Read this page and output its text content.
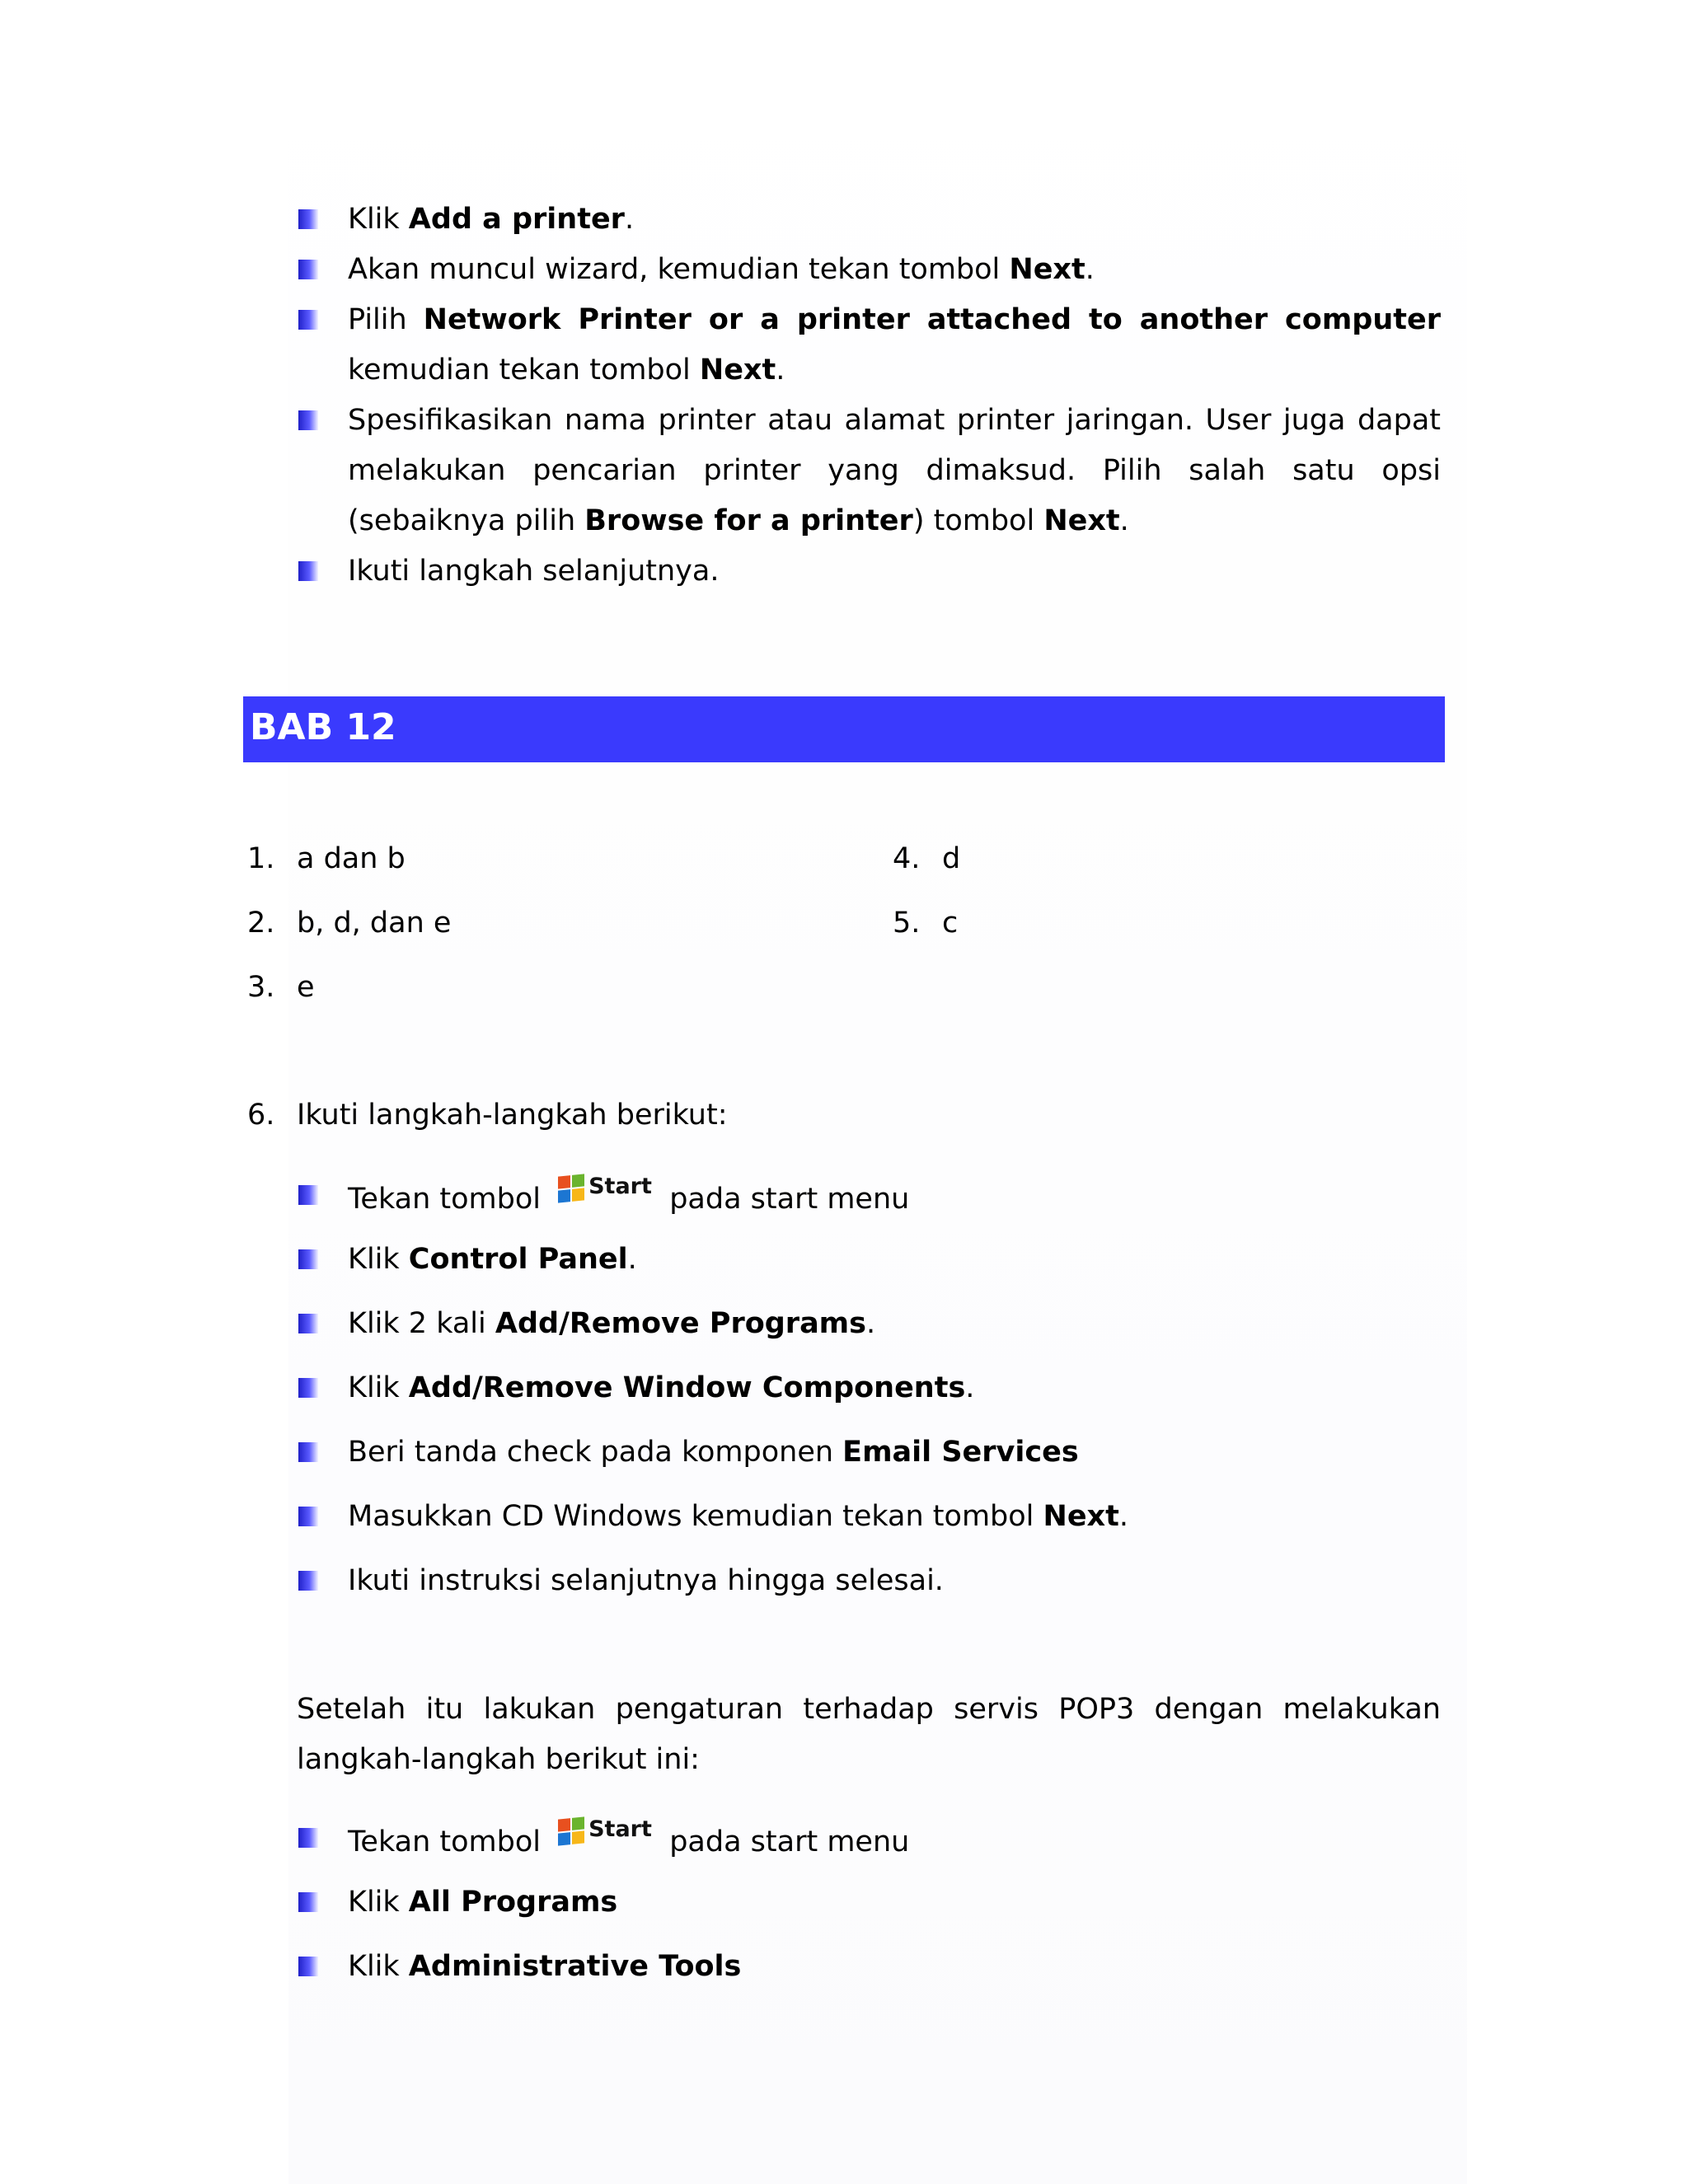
Klik Add a printer.
Akan muncul wizard, kemudian tekan tombol Next.
Pilih Network Printer or a printer attached to another computer kemudian tekan tombol Next.
Spesifikasikan nama printer atau alamat printer jaringan. User juga dapat melakukan pencarian printer yang dimaksud. Pilih salah satu opsi (sebaiknya pilih Browse for a printer) tombol Next.
Ikuti langkah selanjutnya.
BAB 12
1. a dan b
2. b, d, dan e
3. e
4. d
5. c
6. Ikuti langkah-langkah berikut:
Tekan tombol Start pada start menu
Klik Control Panel.
Klik 2 kali Add/Remove Programs.
Klik Add/Remove Window Components.
Beri tanda check pada komponen Email Services
Masukkan CD Windows kemudian tekan tombol Next.
Ikuti instruksi selanjutnya hingga selesai.
Setelah itu lakukan pengaturan terhadap servis POP3 dengan melakukan
langkah-langkah berikut ini:
Tekan tombol Start pada start menu
Klik All Programs
Klik Administrative Tools
